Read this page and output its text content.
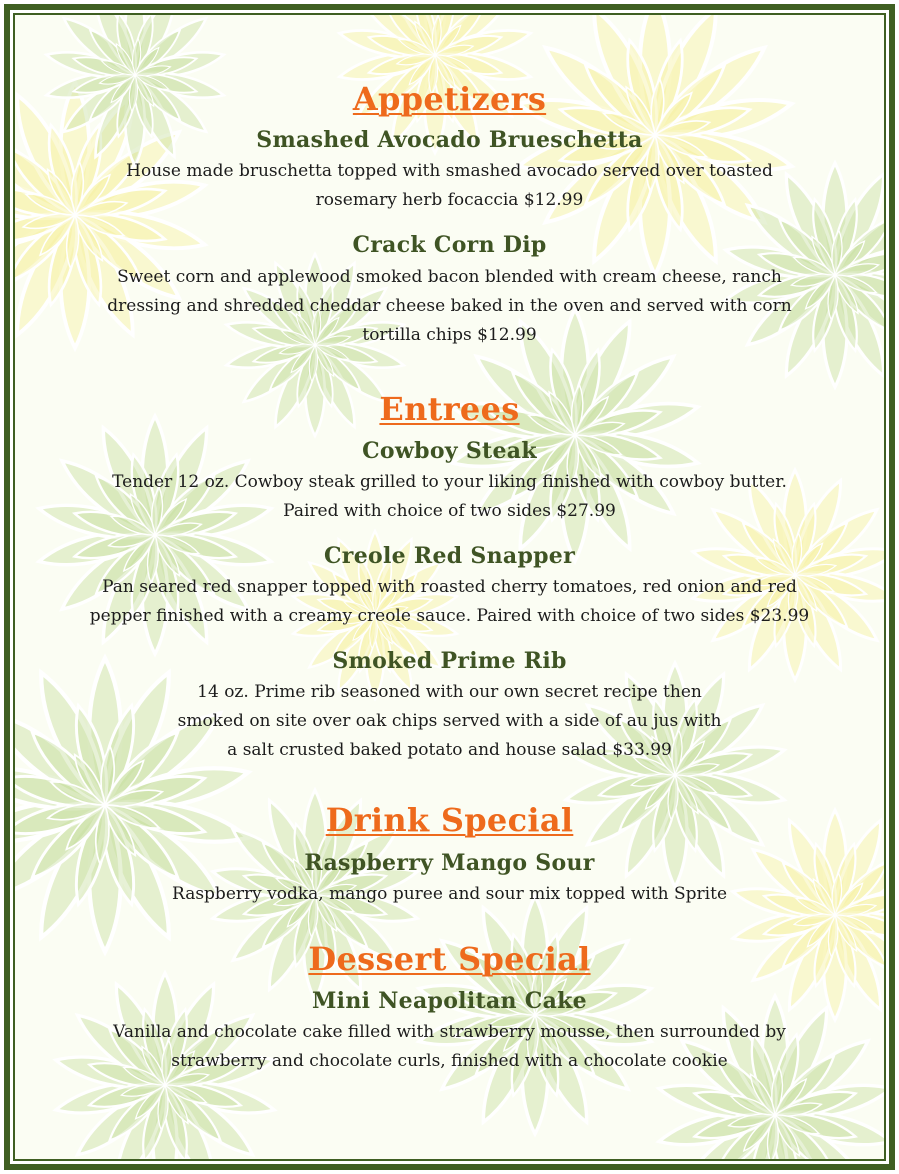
Appetizers
Smashed Avocado Brueschetta
House made bruschetta topped with smashed avocado served over toasted
rosemary herb focaccia $12.99
Crack Corn Dip
Sweet corn and applewood smoked bacon blended with cream cheese, ranch
dressing and shredded cheddar cheese baked in the oven and served with corn
tortilla chips $12.99
Entrees
Cowboy Steak
Tender 12 oz. Cowboy steak grilled to your liking finished with cowboy butter.
Paired with choice of two sides $27.99
Creole Red Snapper
Pan seared red snapper topped with roasted cherry tomatoes, red onion and red
pepper finished with a creamy creole sauce. Paired with choice of two sides $23.99
Smoked Prime Rib
14 oz. Prime rib seasoned with our own secret recipe then
smoked on site over oak chips served with a side of au jus with
a salt crusted baked potato and house salad $33.99
Drink Special
Raspberry Mango Sour
Raspberry vodka, mango puree and sour mix topped with Sprite
Dessert Special
Mini Neapolitan Cake
Vanilla and chocolate cake filled with strawberry mousse, then surrounded by
strawberry and chocolate curls, finished with a chocolate cookie
